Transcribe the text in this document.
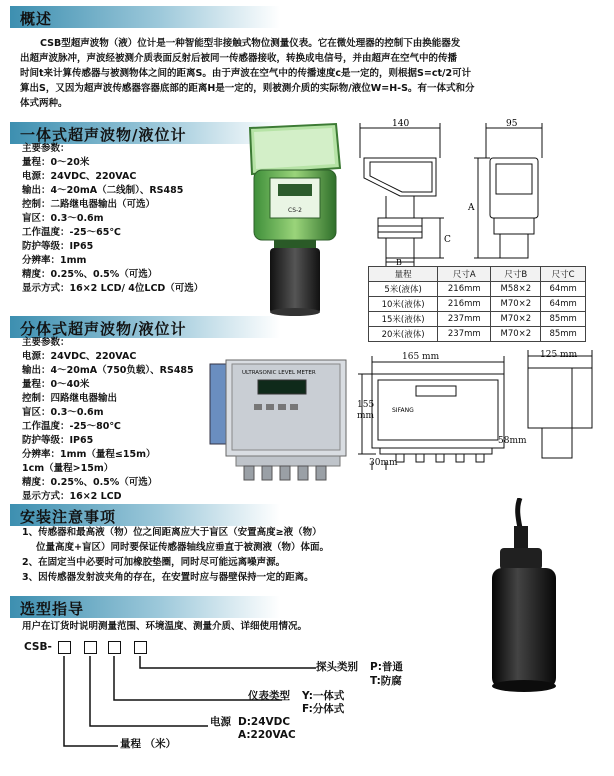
概述
CSB型超声波物（液）位计是一种智能型非接触式物位测量仪表。它在微处理器的控制下由换能器发
出超声波脉冲，声波经被测介质表面反射后被同一传感器接收，转换成电信号，并由超声在空气中的传播
时间t来计算传感器与被测物体之间的距离S。由于声波在空气中的传播速度c是一定的，则根据S=ct/2可计
算出S，又因为超声波传感器容器底部的距离H是一定的，则被测介质的实际物/液位W=H-S。有一体式和分
体式两种。
一体式超声波物/液位计
主要参数：
量程：0～20米
电源：24VDC、220VAC
输出：4～20mA（二线制）、RS485
控制：二路继电器输出（可选）
盲区：0.3～0.6m
工作温度：-25～65℃
防护等级：IP65
分辨率：1mm
精度：0.25%、0.5%（可选）
显示方式：16×2 LCD/ 4位LCD（可选）
CS-2
140	95
A
C
B
量程	尺寸A	尺寸B	尺寸C
5米(液体)	216mm	M58×2	64mm
10米(液体)	216mm	M70×2	64mm
15米(液体)	237mm	M70×2	85mm
20米(液体)	237mm	M70×2	85mm
分体式超声波物/液位计
主要参数：
电源：24VDC、220VAC
输出：4～20mA（750负载）、RS485
量程：0～40米
控制：四路继电器输出
盲区：0.3～0.6m
工作温度：-25～80℃
防护等级：IP65
分辨率：1mm（量程≤15m）
1cm（量程>15m）
精度：0.25%、0.5%（可选）
显示方式：16×2 LCD
ULTRASONIC LEVEL METER
SIFANG
165 mm
155 mm
30mm
125 mm
58mm
安装注意事项
1、传感器和最高液（物）位之间距离应大于盲区（安置高度≥液（物）
位量高度+盲区）同时要保证传感器轴线应垂直于被测液（物）体面。
2、在固定当中必要时可加橡胶垫圈，同时尽可能远离噪声源。
3、因传感器发射波夹角的存在，在安置时应与器壁保持一定的距离。
选型指导
用户在订货时说明测量范围、环境温度、测量介质、详细使用情况。
CSB-
探头类别 P:普通
T:防腐
仪表类型 Y:一体式
F:分体式
电源 D:24VDC
A:220VAC
量程 （米）
